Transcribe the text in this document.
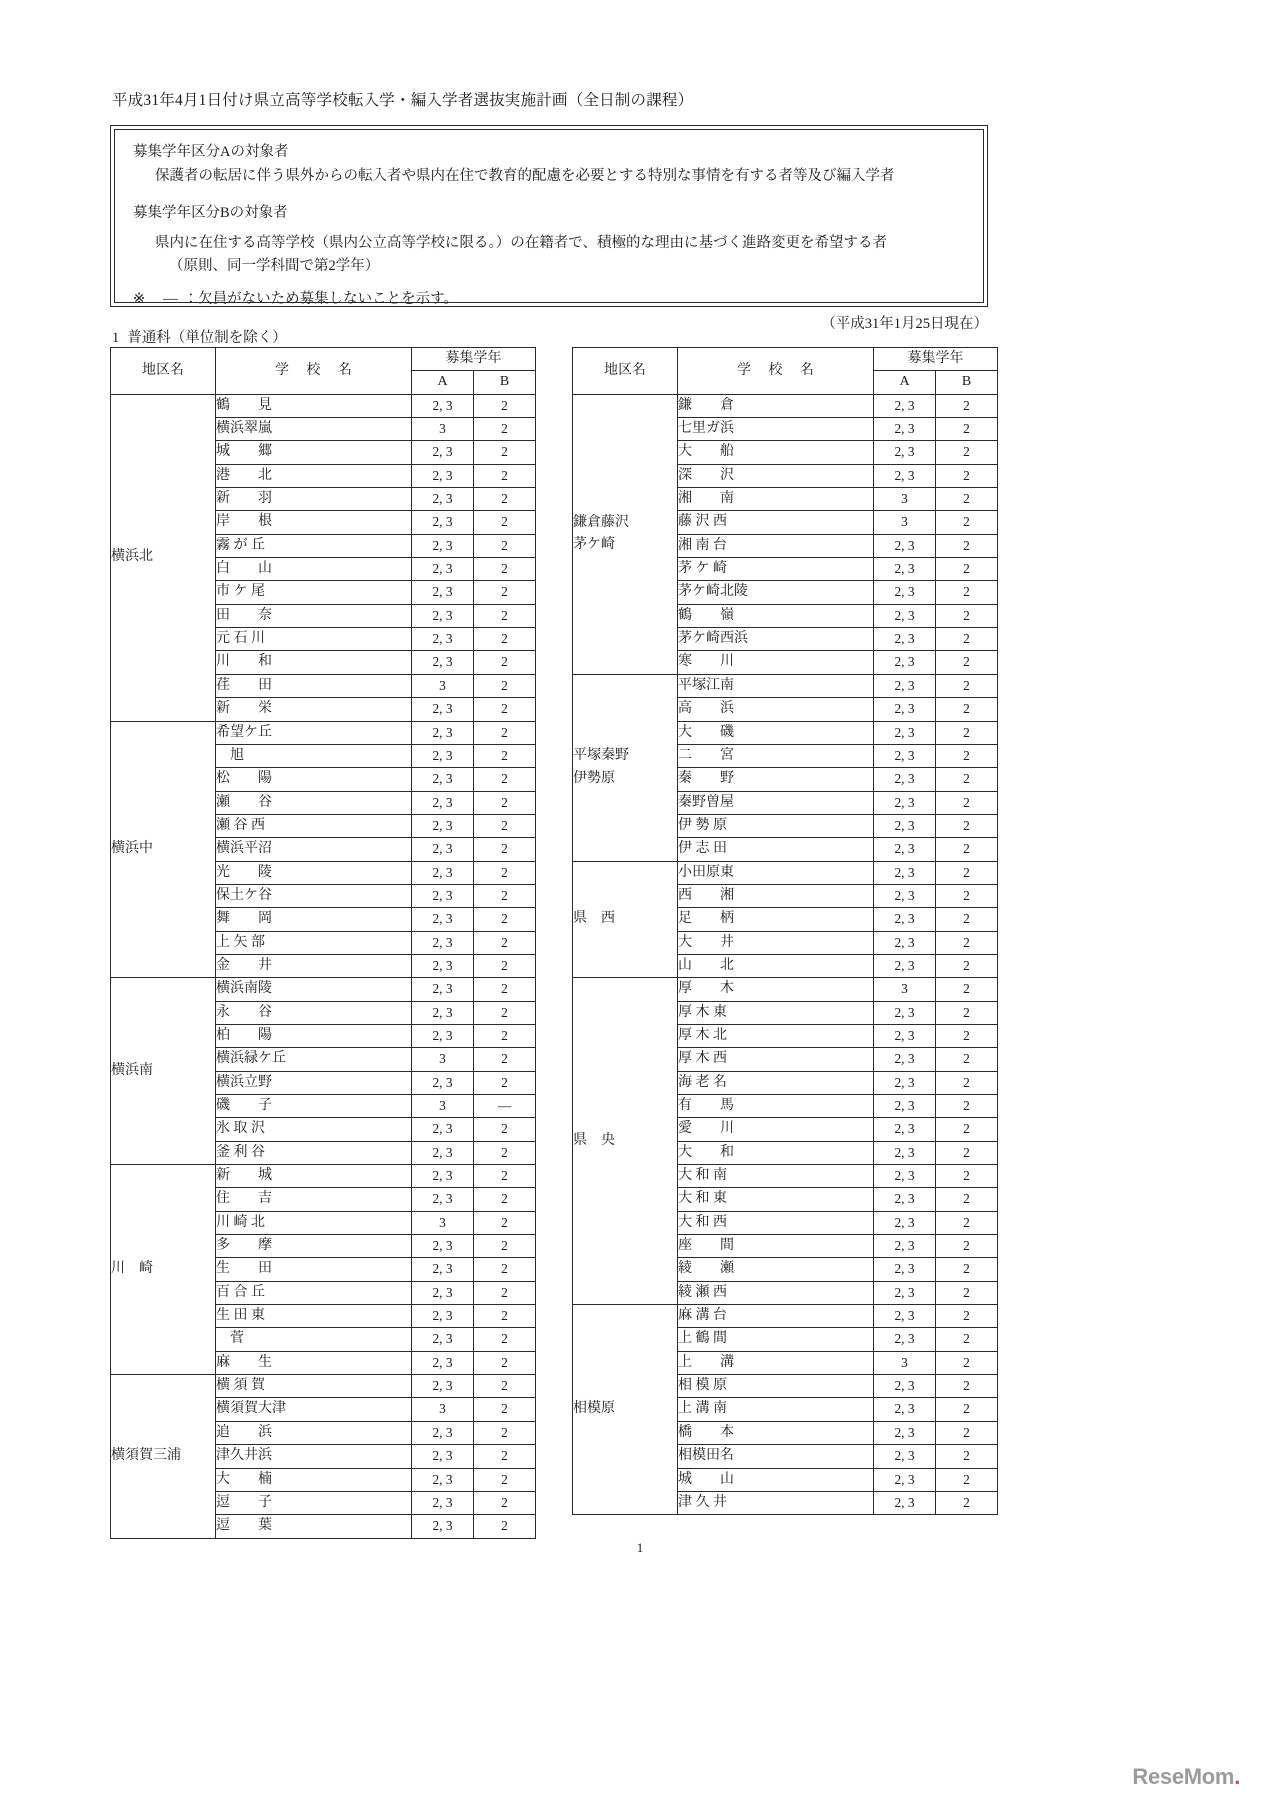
平成31年4月1日付け県立高等学校転入学・編入学者選抜実施計画（全日制の課程）
募集学年区分Aの対象者
保護者の転居に伴う県外からの転入者や県内在住で教育的配慮を必要とする特別な事情を有する者等及び編入学者
募集学年区分Bの対象者
県内に在住する高等学校（県内公立高等学校に限る。）の在籍者で、積極的な理由に基づく進路変更を希望する者
（原則、同一学科間で第2学年）
※ ― ：欠員がないため募集しないことを示す。
（平成31年1月25日現在）
1 普通科（単位制を除く）
地区名	学 校 名	募集学年	
		A	B
横浜北	鶴　　見	2, 3	2
	横浜翠嵐	3	2
	城　　郷	2, 3	2
	港　　北	2, 3	2
	新　　羽	2, 3	2
	岸　　根	2, 3	2
	霧 が 丘	2, 3	2
	白　　山	2, 3	2
	市 ケ 尾	2, 3	2
	田　　奈	2, 3	2
	元 石 川	2, 3	2
	川　　和	2, 3	2
	荏　　田	3	2
	新　　栄	2, 3	2
横浜中	希望ケ丘	2, 3	2
	　旭	2, 3	2
	松　　陽	2, 3	2
	瀬　　谷	2, 3	2
	瀬 谷 西	2, 3	2
	横浜平沼	2, 3	2
	光　　陵	2, 3	2
	保土ケ谷	2, 3	2
	舞　　岡	2, 3	2
	上 矢 部	2, 3	2
	金　　井	2, 3	2
横浜南	横浜南陵	2, 3	2
	永　　谷	2, 3	2
	柏　　陽	2, 3	2
	横浜緑ケ丘	3	2
	横浜立野	2, 3	2
	磯　　子	3	―
	氷 取 沢	2, 3	2
	釜 利 谷	2, 3	2
川　崎	新　　城	2, 3	2
	住　　吉	2, 3	2
	川 崎 北	3	2
	多　　摩	2, 3	2
	生　　田	2, 3	2
	百 合 丘	2, 3	2
	生 田 東	2, 3	2
	　菅	2, 3	2
	麻　　生	2, 3	2
横須賀三浦	横 須 賀	2, 3	2
	横須賀大津	3	2
	追　　浜	2, 3	2
	津久井浜	2, 3	2
	大　　楠	2, 3	2
	逗　　子	2, 3	2
	逗　　葉	2, 3	2
地区名	学 校 名	募集学年	
		A	B
鎌倉藤沢
茅ケ崎	鎌　　倉	2, 3	2
	七里ガ浜	2, 3	2
	大　　船	2, 3	2
	深　　沢	2, 3	2
	湘　　南	3	2
	藤 沢 西	3	2
	湘 南 台	2, 3	2
	茅 ケ 崎	2, 3	2
	茅ケ崎北陵	2, 3	2
	鶴　　嶺	2, 3	2
	茅ケ崎西浜	2, 3	2
	寒　　川	2, 3	2
平塚秦野
伊勢原	平塚江南	2, 3	2
	高　　浜	2, 3	2
	大　　磯	2, 3	2
	二　　宮	2, 3	2
	秦　　野	2, 3	2
	秦野曽屋	2, 3	2
	伊 勢 原	2, 3	2
	伊 志 田	2, 3	2
県　西	小田原東	2, 3	2
	西　　湘	2, 3	2
	足　　柄	2, 3	2
	大　　井	2, 3	2
	山　　北	2, 3	2
県　央	厚　　木	3	2
	厚 木 東	2, 3	2
	厚 木 北	2, 3	2
	厚 木 西	2, 3	2
	海 老 名	2, 3	2
	有　　馬	2, 3	2
	愛　　川	2, 3	2
	大　　和	2, 3	2
	大 和 南	2, 3	2
	大 和 東	2, 3	2
	大 和 西	2, 3	2
	座　　間	2, 3	2
	綾　　瀬	2, 3	2
	綾 瀬 西	2, 3	2
相模原	麻 溝 台	2, 3	2
	上 鶴 間	2, 3	2
	上　　溝	3	2
	相 模 原	2, 3	2
	上 溝 南	2, 3	2
	橋　　本	2, 3	2
	相模田名	2, 3	2
	城　　山	2, 3	2
	津 久 井	2, 3	2
1
ReseMom.
